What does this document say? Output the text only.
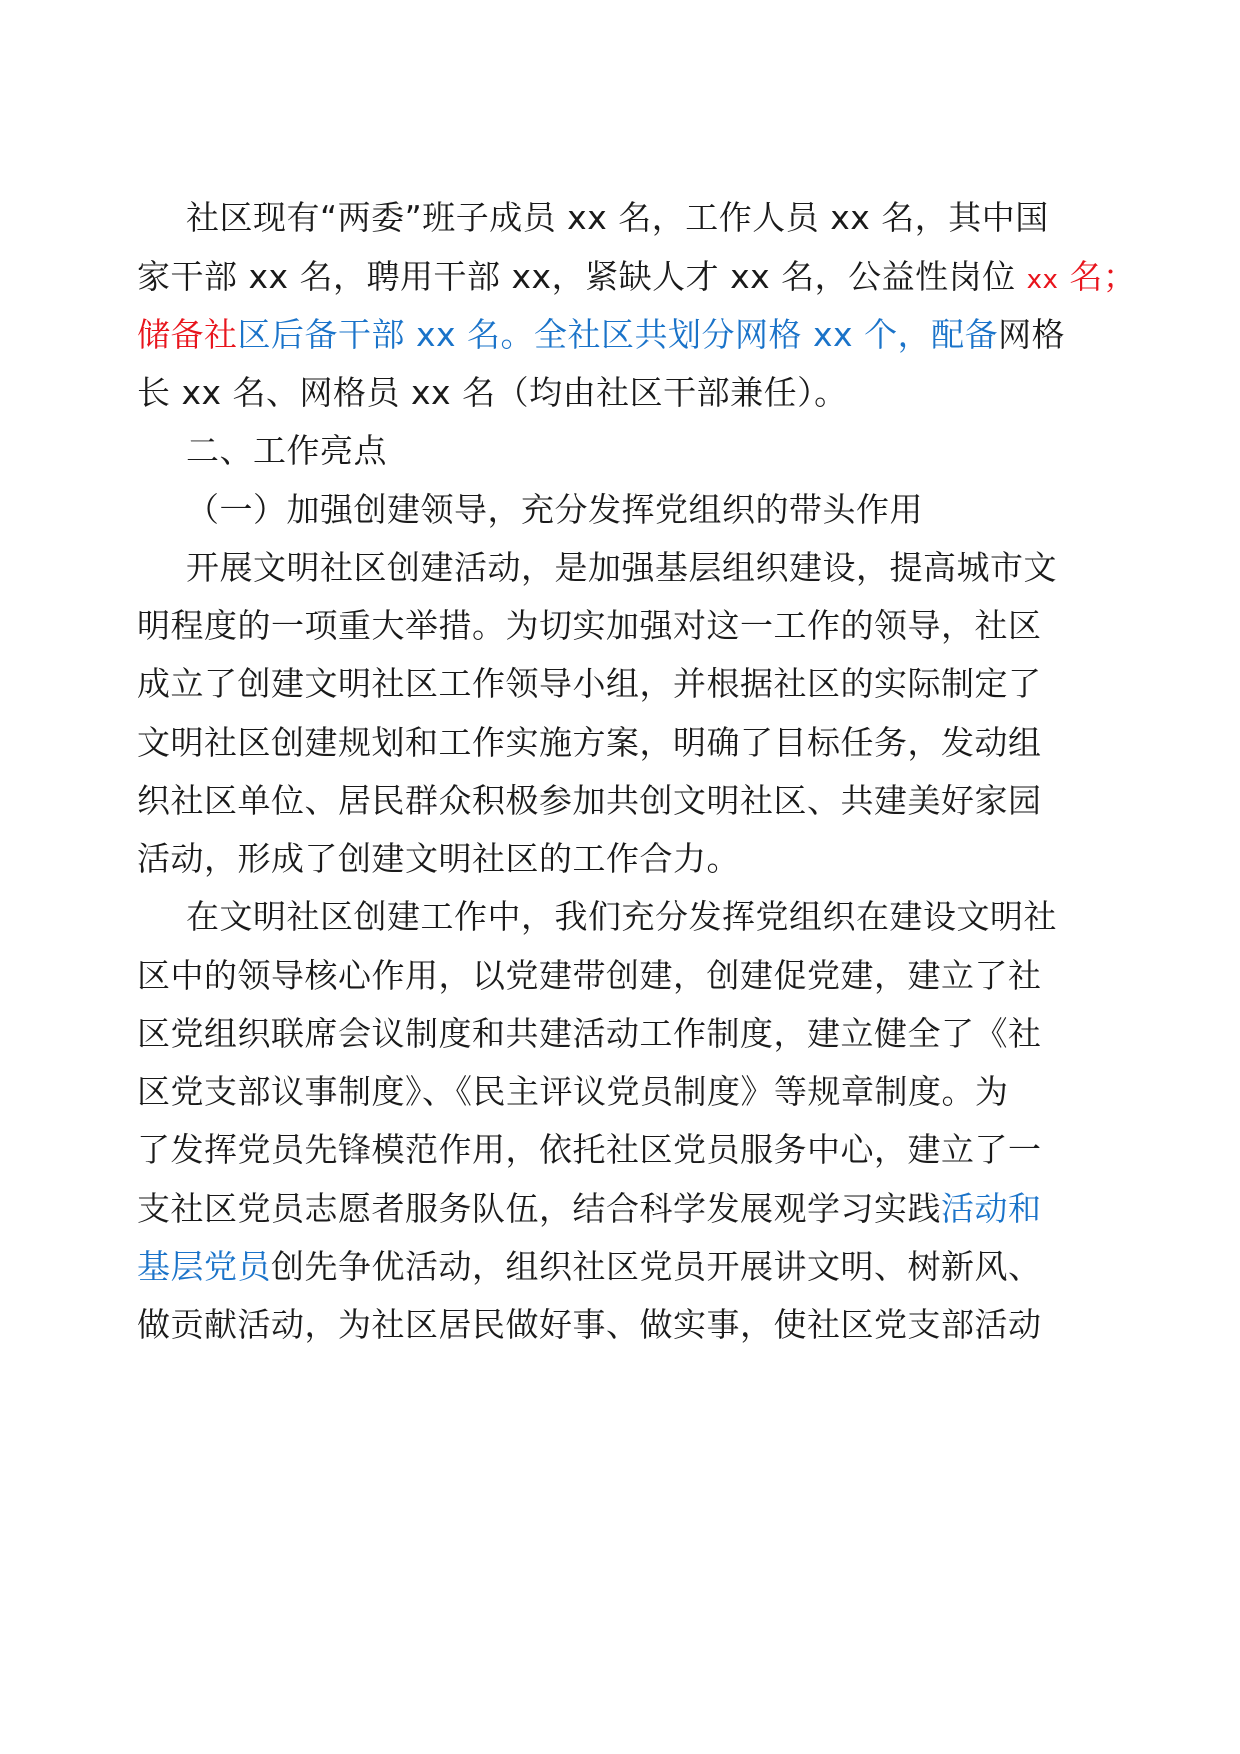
社区现有“两委”班子成员 xx 名，工作人员 xx 名，其中国
家干部 xx 名，聘用干部 xx，紧缺人才 xx 名，公益性岗位 xx 名；
储备社区后备干部 xx 名。全社区共划分网格 xx 个，配备网格
长 xx 名、网格员 xx 名（均由社区干部兼任）。
二、工作亮点
（一）加强创建领导，充分发挥党组织的带头作用
开展文明社区创建活动，是加强基层组织建设，提高城市文
明程度的一项重大举措。为切实加强对这一工作的领导，社区
成立了创建文明社区工作领导小组，并根据社区的实际制定了
文明社区创建规划和工作实施方案，明确了目标任务，发动组
织社区单位、居民群众积极参加共创文明社区、共建美好家园
活动，形成了创建文明社区的工作合力。
在文明社区创建工作中，我们充分发挥党组织在建设文明社
区中的领导核心作用，以党建带创建，创建促党建，建立了社
区党组织联席会议制度和共建活动工作制度，建立健全了《社
区党支部议事制度》、《民主评议党员制度》等规章制度。为
了发挥党员先锋模范作用，依托社区党员服务中心，建立了一
支社区党员志愿者服务队伍，结合科学发展观学习实践活动和
基层党员创先争优活动，组织社区党员开展讲文明、树新风、
做贡献活动，为社区居民做好事、做实事，使社区党支部活动
